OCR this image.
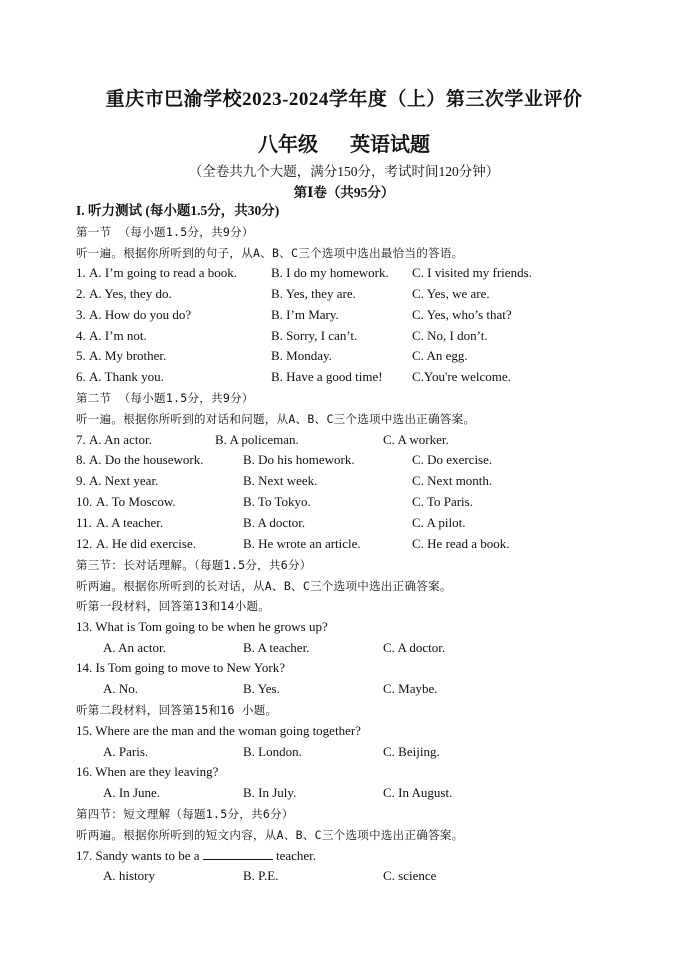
重庆市巴渝学校2023-2024学年度（上）第三次学业评价
八年级 英语试题
（全卷共九个大题，满分150分，考试时间120分钟）
第Ⅰ卷（共95分）
I. 听力测试 (每小题1.5分，共30分)
第一节 （每小题1.5分，共9分）
听一遍。根据你所听到的句子，从A、B、C三个选项中选出最恰当的答语。
1. A. I’m going to read a book.	B. I do my homework. C. I visited my friends.
2. A. Yes, they do.	B. Yes, they are.	C. Yes, we are.
3. A. How do you do?	B. I’m Mary.	C. Yes, who’s that?
4. A. I’m not.	B. Sorry, I can’t.	C. No, I don’t.
5. A. My brother.	B. Monday.	C. An egg.
6. A. Thank you.	B. Have a good time! C.You're welcome.
第二节 （每小题1.5分，共9分）
听一遍。根据你所听到的对话和问题，从A、B、C三个选项中选出正确答案。
7. A. An actor.	B. A policeman.	C. A worker.
8. A. Do the housework.	B. Do his homework.	C. Do exercise.
9. A. Next year.	B. Next week.	C. Next month.
10. A. To Moscow.	B. To Tokyo.	C. To Paris.
11. A. A teacher.	B. A doctor.	C. A pilot.
12. A. He did exercise.	B. He wrote an article.	C. He read a book.
第三节：长对话理解。（每题1.5分，共6分）
听两遍。根据你所听到的长对话，从A、B、C三个选项中选出正确答案。
听第一段材料，回答第13和14小题。
13. What is Tom going to be when he grows up?
A. An actor.	B. A teacher.	C. A doctor.
14. Is Tom going to move to New York?
A. No.	B. Yes.	C. Maybe.
听第二段材料，回答第15和16 小题。
15. Where are the man and the woman going together?
A. Paris.	B. London.	C. Beijing.
16. When are they leaving?
A. In June.	B. In July.	C. In August.
第四节：短文理解（每题1.5分，共6分）
听两遍。根据你所听到的短文内容，从A、B、C三个选项中选出正确答案。
17. Sandy wants to be a	teacher.
A. history	B. P.E.	C. science
